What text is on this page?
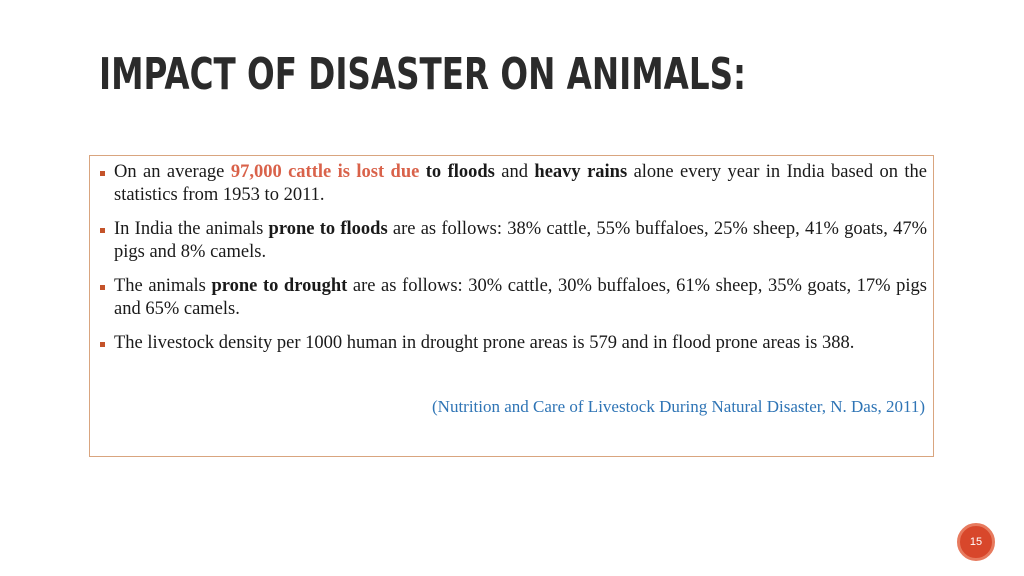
IMPACT OF DISASTER ON ANIMALS:
On an average 97,000 cattle is lost due to floods and heavy rains alone every year in India based on the statistics from 1953 to 2011.
In India the animals prone to floods are as follows: 38% cattle, 55% buffaloes, 25% sheep, 41% goats, 47% pigs and 8% camels.
The animals prone to drought are as follows: 30% cattle, 30% buffaloes, 61% sheep, 35% goats, 17% pigs and 65% camels.
The livestock density per 1000 human in drought prone areas is 579 and in flood prone areas is 388.
(Nutrition and Care of Livestock During Natural Disaster, N. Das, 2011)
15
